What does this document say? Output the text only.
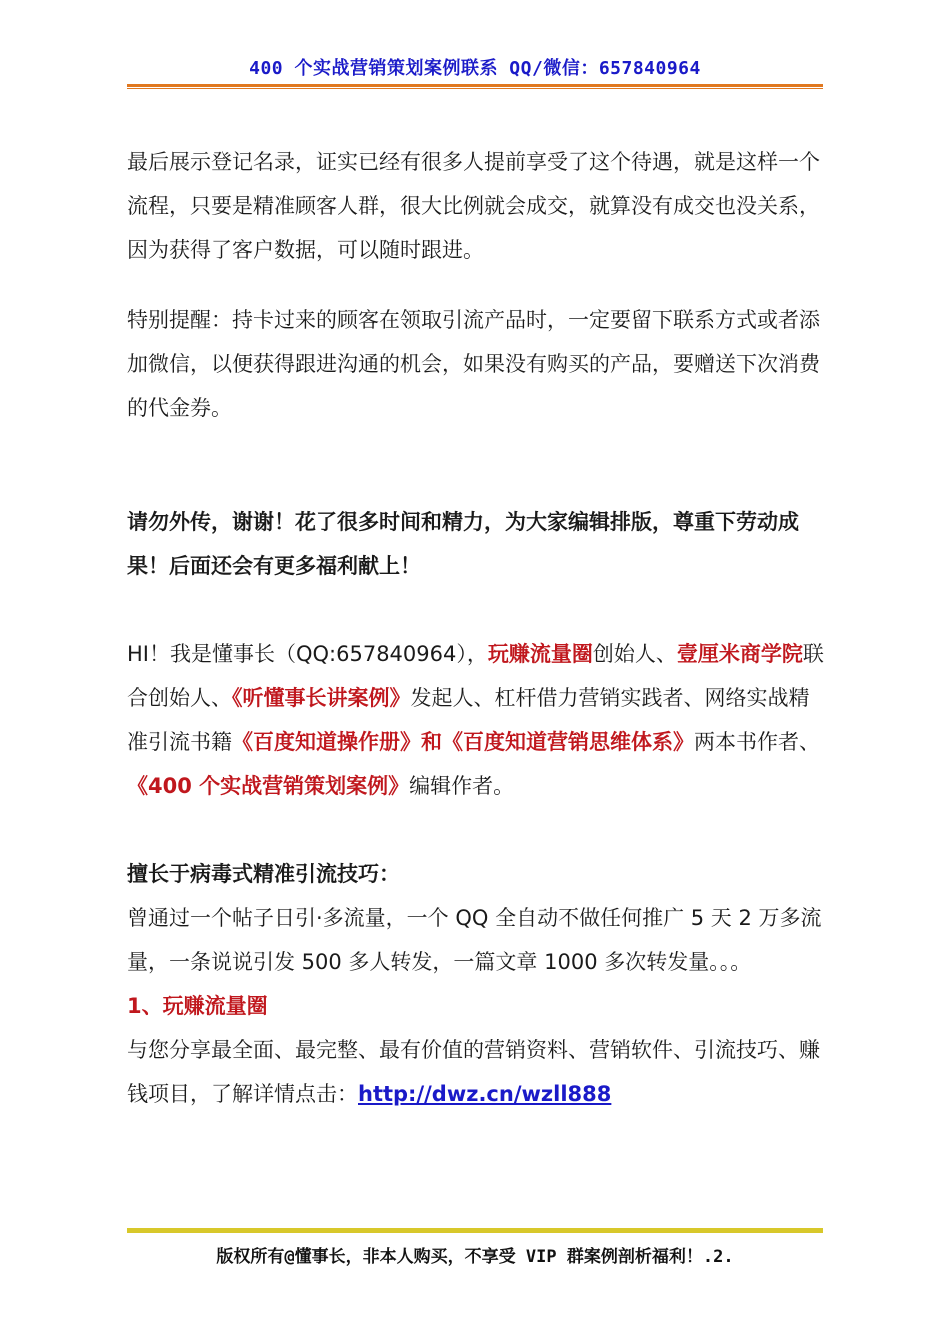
400 个实战营销策划案例联系 QQ/微信：657840964

最后展示登记名录，证实已经有很多人提前享受了这个待遇，就是这样一个流程，只要是精准顾客人群，很大比例就会成交，就算没有成交也没关系，因为获得了客户数据，可以随时跟进。

特别提醒：持卡过来的顾客在领取引流产品时，一定要留下联系方式或者添加微信，以便获得跟进沟通的机会，如果没有购买的产品，要赠送下次消费的代金券。

请勿外传，谢谢！花了很多时间和精力，为大家编辑排版，尊重下劳动成果！后面还会有更多福利献上！

HI！我是懂事长（QQ:657840964），玩赚流量圈创始人、壹厘米商学院联合创始人、《听懂事长讲案例》发起人、杠杆借力营销实践者、网络实战精准引流书籍《百度知道操作册》和《百度知道营销思维体系》两本书作者、《400 个实战营销策划案例》编辑作者。

擅长于病毒式精准引流技巧：

曾通过一个帖子日引·多流量，一个 QQ 全自动不做任何推广 5 天 2 万多流量，一条说说引发 500 多人转发，一篇文章 1000 多次转发量。。。

1、玩赚流量圈

与您分享最全面、最完整、最有价值的营销资料、营销软件、引流技巧、赚钱项目，了解详情点击：http://dwz.cn/wzll888

版权所有@懂事长，非本人购买，不享受 VIP 群案例剖析福利！.2.
